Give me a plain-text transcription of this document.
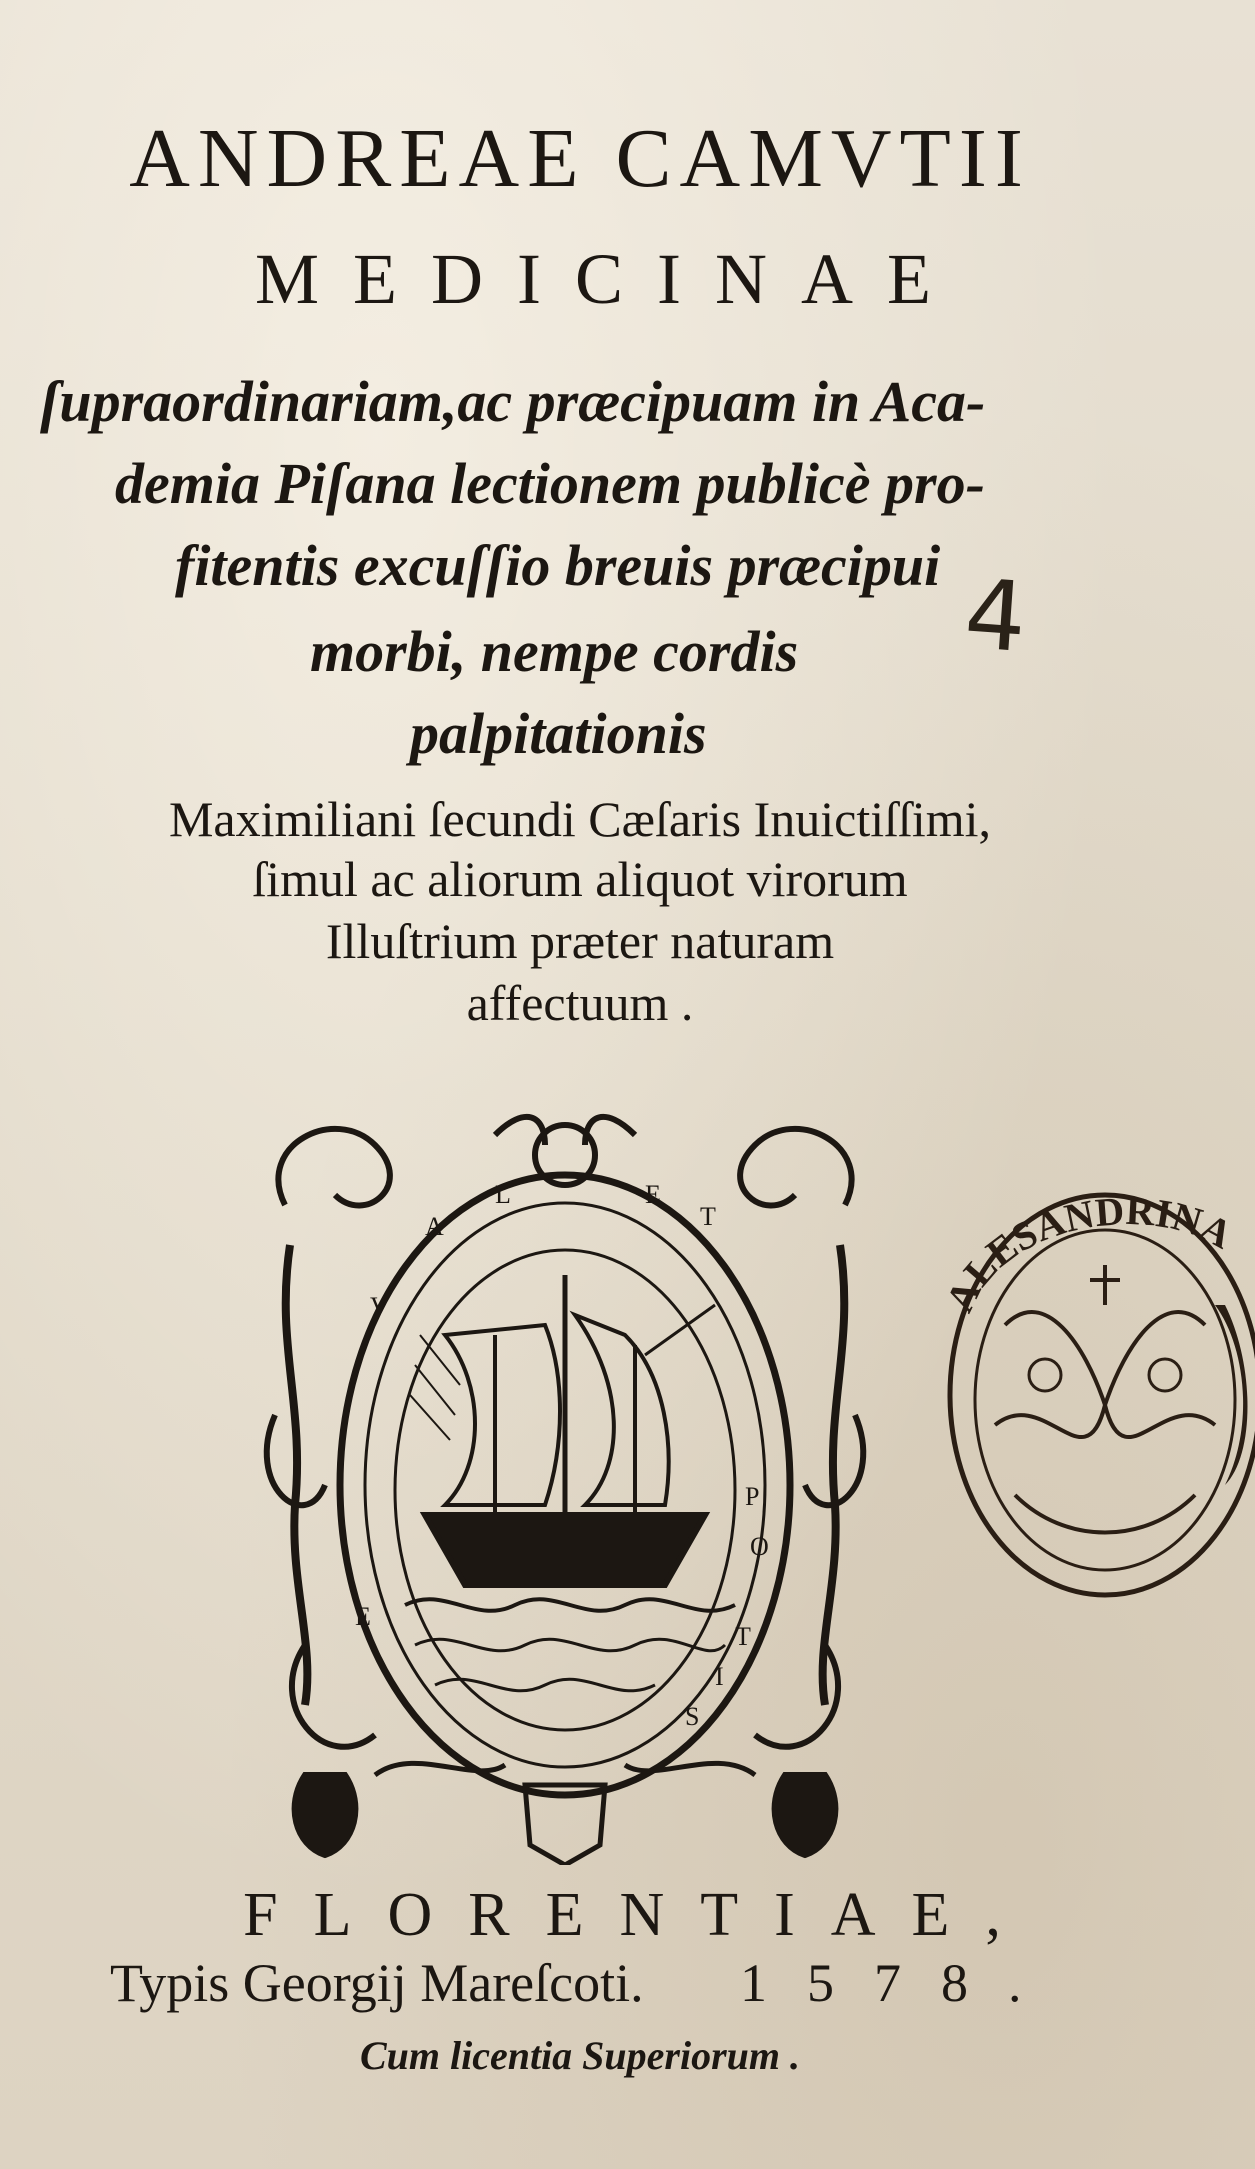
ANDREAE CAMVTII
MEDICINAE
ſupraordinariam,ac præcipuam in Aca-
demia Piſana lectionem publicè pro-
fitentis excuſſio breuis præcipui
morbi, nempe cordis
palpitationis
4
Maximiliani ſecundi Cæſaris Inuictiſſimi,
ſimul ac aliorum aliquot virorum
Illuſtrium præter naturam
affectuum .
V
A
L	E
T
P
O
T
I
S
E
ALESANDRINA
FLORENTIAE,
Typis Georgij Mareſcoti.	1578.
Cum licentia Superiorum .
